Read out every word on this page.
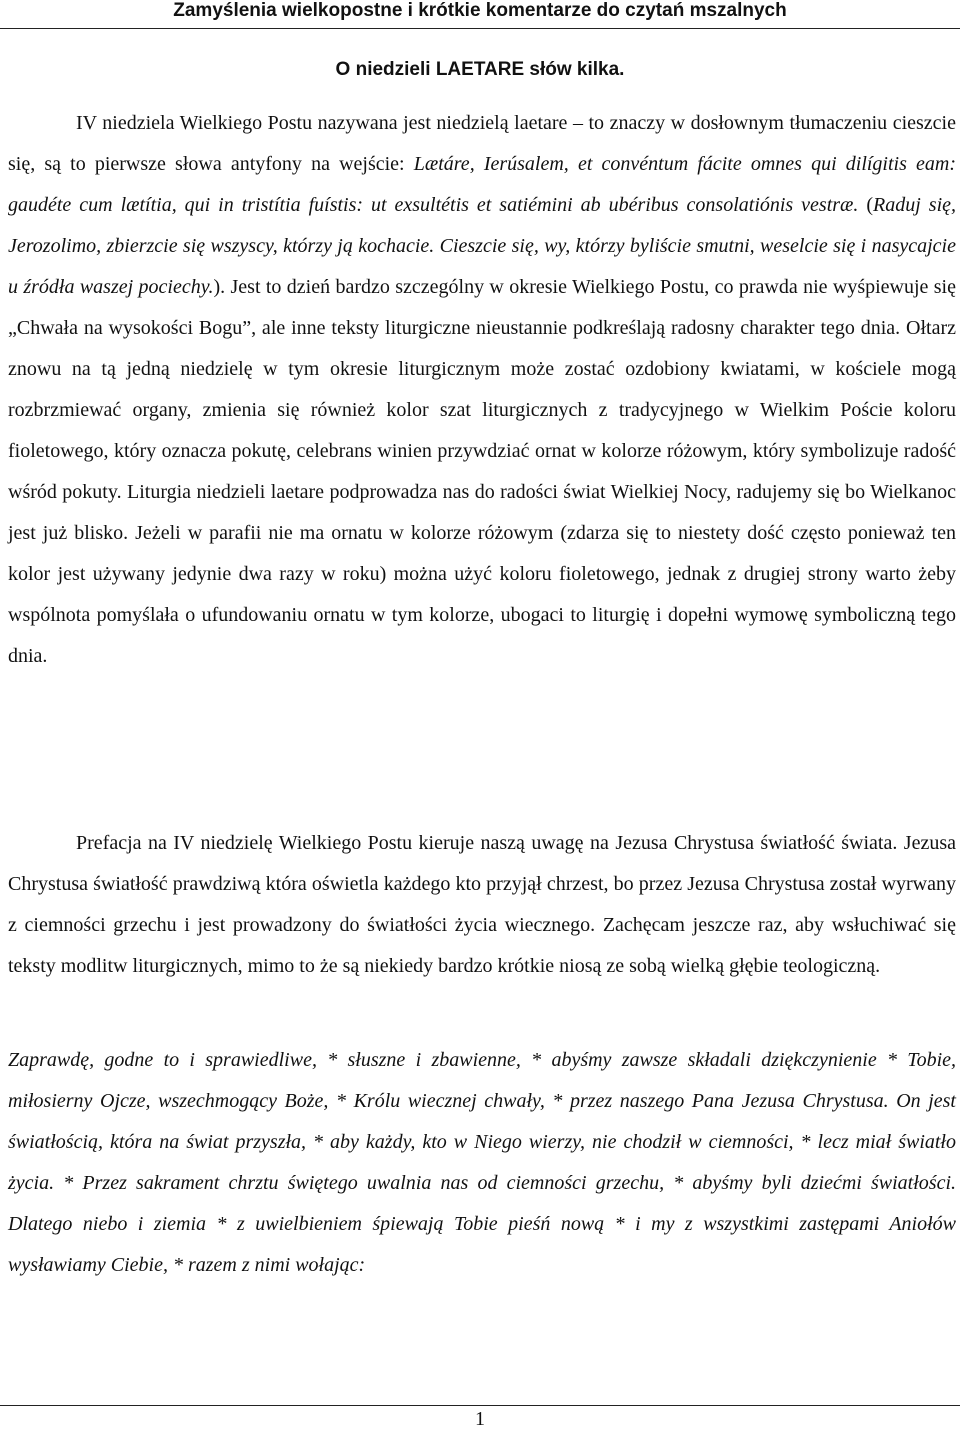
Zamyślenia wielkopostne i krótkie komentarze do czytań mszalnych
O niedzieli LAETARE słów kilka.

IV niedziela Wielkiego Postu nazywana jest niedzielą laetare – to znaczy w dosłownym tłumaczeniu cieszcie się, są to pierwsze słowa antyfony na wejście: Lætáre, Ierúsalem, et convéntum fácite omnes qui dilígitis eam: gaudéte cum lætítia, qui in tristítia fuístis: ut exsultétis et satiémini ab ubéribus consolatiónis vestræ. (Raduj się, Jerozolimo, zbierzcie się wszyscy, którzy ją kochacie. Cieszcie się, wy, którzy byliście smutni, weselcie się i nasycajcie u źródła waszej pociechy.). Jest to dzień bardzo szczególny w okresie Wielkiego Postu, co prawda nie wyśpiewuje się „Chwała na wysokości Bogu”, ale inne teksty liturgiczne nieustannie podkreślają radosny charakter tego dnia. Ołtarz znowu na tą jedną niedzielę w tym okresie liturgicznym może zostać ozdobiony kwiatami, w kościele mogą rozbrzmiewać organy, zmienia się również kolor szat liturgicznych z tradycyjnego w Wielkim Poście koloru fioletowego, który oznacza pokutę, celebrans winien przywdziać ornat w kolorze różowym, który symbolizuje radość wśród pokuty. Liturgia niedzieli laetare podprowadza nas do radości świat Wielkiej Nocy, radujemy się bo Wielkanoc jest już blisko. Jeżeli w parafii nie ma ornatu w kolorze różowym (zdarza się to niestety dość często ponieważ ten kolor jest używany jedynie dwa razy w roku) można użyć koloru fioletowego, jednak z drugiej strony warto żeby wspólnota pomyślała o ufundowaniu ornatu w tym kolorze, ubogaci to liturgię i dopełni wymowę symboliczną tego dnia.

Prefacja na IV niedzielę Wielkiego Postu kieruje naszą uwagę na Jezusa Chrystusa światłość świata. Jezusa Chrystusa światłość prawdziwą która oświetla każdego kto przyjął chrzest, bo przez Jezusa Chrystusa został wyrwany z ciemności grzechu i jest prowadzony do światłości życia wiecznego. Zachęcam jeszcze raz, aby wsłuchiwać się teksty modlitw liturgicznych, mimo to że są niekiedy bardzo krótkie niosą ze sobą wielką głębie teologiczną.

Zaprawdę, godne to i sprawiedliwe, * słuszne i zbawienne, * abyśmy zawsze składali dziękczynienie * Tobie, miłosierny Ojcze, wszechmogący Boże, * Królu wiecznej chwały, * przez naszego Pana Jezusa Chrystusa. On jest światłością, która na świat przyszła, * aby każdy, kto w Niego wierzy, nie chodził w ciemności, * lecz miał światło życia. * Przez sakrament chrztu świętego uwalnia nas od ciemności grzechu, * abyśmy byli dziećmi światłości. Dlatego niebo i ziemia * z uwielbieniem śpiewają Tobie pieśń nową * i my z wszystkimi zastępami Aniołów wysławiamy Ciebie, * razem z nimi wołając:

1
